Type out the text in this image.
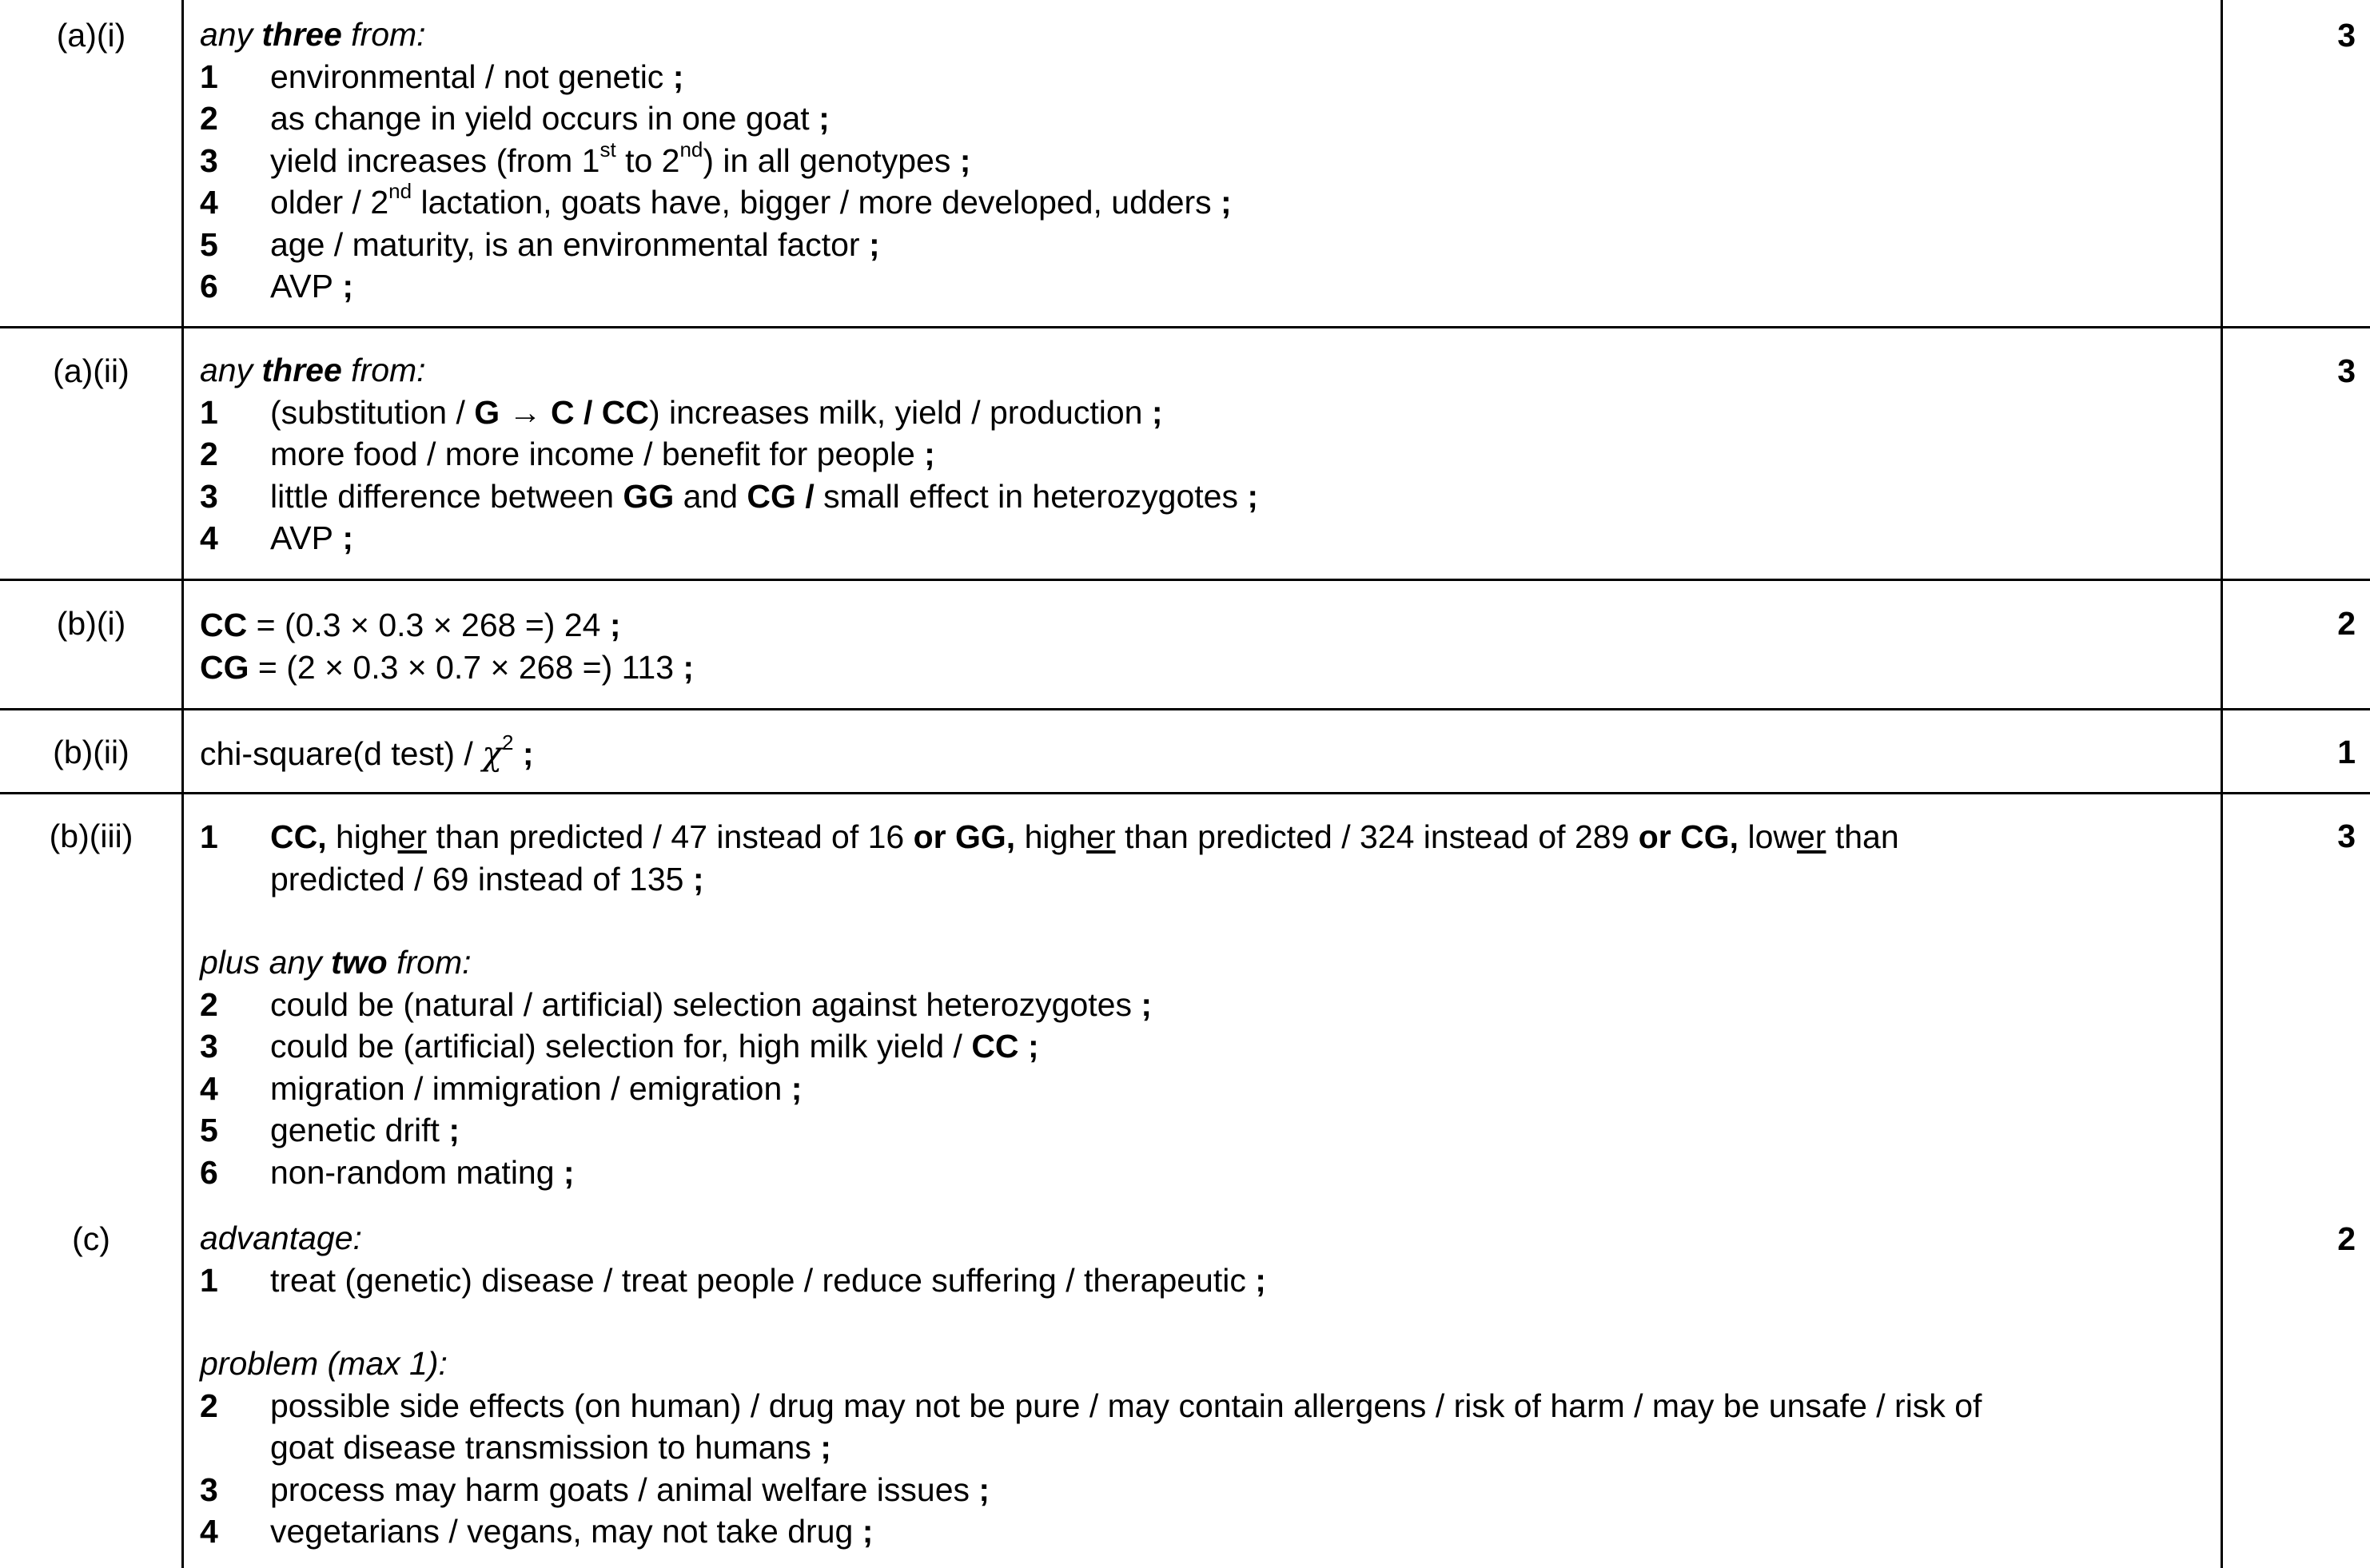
(a)(i)	3
any three from:
1 environmental / not genetic ;
2 as change in yield occurs in one goat ;
3 yield increases (from 1st to 2nd) in all genotypes ;
4 older / 2nd lactation, goats have, bigger / more developed, udders ;
5 age / maturity, is an environmental factor ;
6 AVP ;
(a)(ii)	3
any three from:
1 (substitution / G → C / CC) increases milk, yield / production ;
2 more food / more income / benefit for people ;
3 little difference between GG and CG / small effect in heterozygotes ;
4 AVP ;
(b)(i)	2
CC = (0.3 × 0.3 × 268 =) 24 ;
CG = (2 × 0.3 × 0.7 × 268 =) 113 ;
(b)(ii)	1
chi-square(d test) / $\chi^2$ ;
(b)(iii)	3
1 CC, higher than predicted / 47 instead of 16 or GG, higher than predicted / 324 instead of 289 or CG, lower than
predicted / 69 instead of 135 ;
plus any two from:
2 could be (natural / artificial) selection against heterozygotes ;
3 could be (artificial) selection for, high milk yield / CC ;
4 migration / immigration / emigration ;
5 genetic drift ;
6 non-random mating ;
(c)	2
advantage:
1 treat (genetic) disease / treat people / reduce suffering / therapeutic ;
problem (max 1):
2 possible side effects (on human) / drug may not be pure / may contain allergens / risk of harm / may be unsafe / risk of
goat disease transmission to humans ;
3 process may harm goats / animal welfare issues ;
4 vegetarians / vegans, may not take drug ;
